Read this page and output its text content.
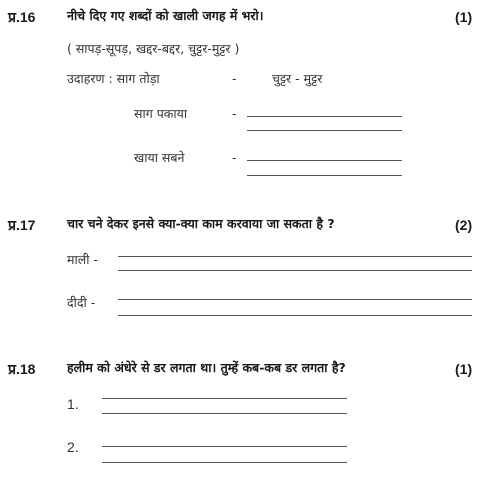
प्र.16	नीचे दिए गए शब्दों को खाली जगह में भरो।	(1)
( सापड़-सूपड़, खद्दर-बद्दर, चुट्टर-मुट्टर )
उदाहरण : साग तोड़ा	-	चुट्टर - मुट्टर
साग पकाया	-
खाया सबने	-
प्र.17	चार चने देकर इनसे क्या-क्या काम करवाया जा सकता है ?	(2)
माली -
दीदी -
प्र.18	हलीम को अंधेरे से डर लगता था। तुम्हें कब-कब डर लगता है?	(1)
1.
2.
